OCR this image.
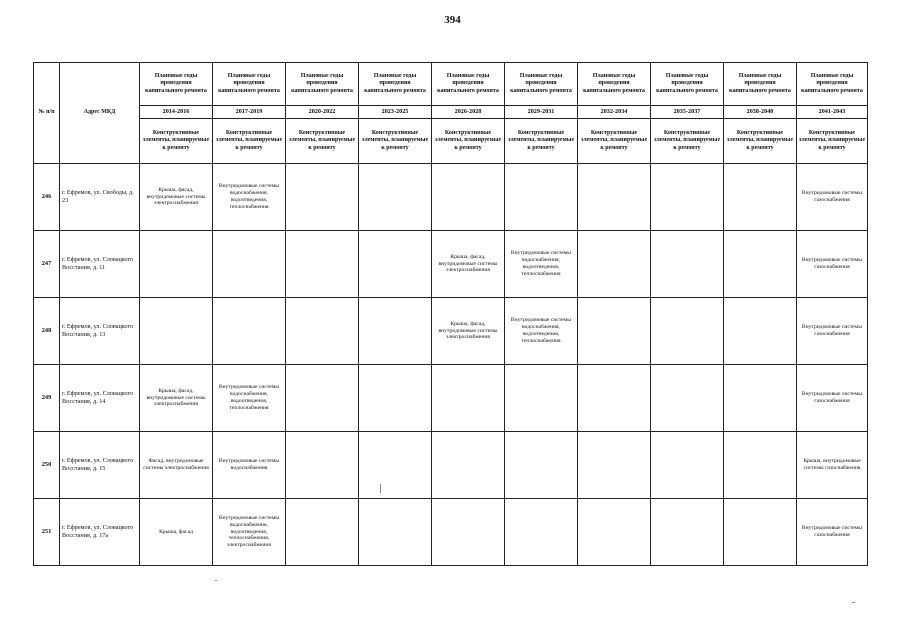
394
№ п/п	Адрес МКД	Плановые годы проведения капитального ремонта	Плановые годы проведения капитального ремонта	Плановые годы проведения капитального ремонта	Плановые годы проведения капитального ремонта	Плановые годы проведения капитального ремонта	Плановые годы проведения капитального ремонта	Плановые годы проведения капитального ремонта	Плановые годы проведения капитального ремонта	Плановые годы проведения капитального ремонта	Плановые годы проведения капитального ремонта
		2014-2016	2017-2019	2020-2022	2023-2025	2026-2028	2029-2031	2032-2034	2035-2037	2038-2040	2041-2043
		Конструктивные элементы, планируемые к ремонту	Конструктивные элементы, планируемые к ремонту	Конструктивные элементы, планируемые к ремонту	Конструктивные элементы, планируемые к ремонту	Конструктивные элементы, планируемые к ремонту	Конструктивные элементы, планируемые к ремонту	Конструктивные элементы, планируемые к ремонту	Конструктивные элементы, планируемые к ремонту	Конструктивные элементы, планируемые к ремонту	Конструктивные элементы, планируемые к ремонту
246	г. Ефремов, ул. Свободы, д. 23	Крыша, фасад, внутридомовые системы электроснабжения	Внутридомовые системы водоснабжения, водоотведения, теплоснабжения								Внутридомовые системы газоснабжения
247	г. Ефремов, ул. Словацкого Восстания, д. 11					Крыша, фасад, внутридомовые системы электроснабжения	Внутридомовые системы водоснабжения, водоотведения, теплоснабжения				Внутридомовые системы газоснабжения
248	г. Ефремов, ул. Словацкого Восстания, д. 13					Крыша, фасад, внутридомовые системы электроснабжения	Внутридомовые системы водоснабжения, водоотведения, теплоснабжения				Внутридомовые системы газоснабжения
249	г. Ефремов, ул. Словацкого Восстания, д. 14	Крыша, фасад, внутридомовые системы электроснабжения	Внутридомовые системы водоснабжения, водоотведения, теплоснабжения								Внутридомовые системы газоснабжения
250	г. Ефремов, ул. Словацкого Восстания, д. 15	Фасад, внутридомовые системы электроснабжения	Внутридомовые системы водоснабжения								Крыша, внутридомовые системы газоснабжения
251	г. Ефремов, ул. Словацкого Восстания, д. 17а	Крыша, фасад	Внутридомовые системы водоснабжения, водоотведения, теплоснабжения, электроснабжения								Внутридомовые системы газоснабжения
